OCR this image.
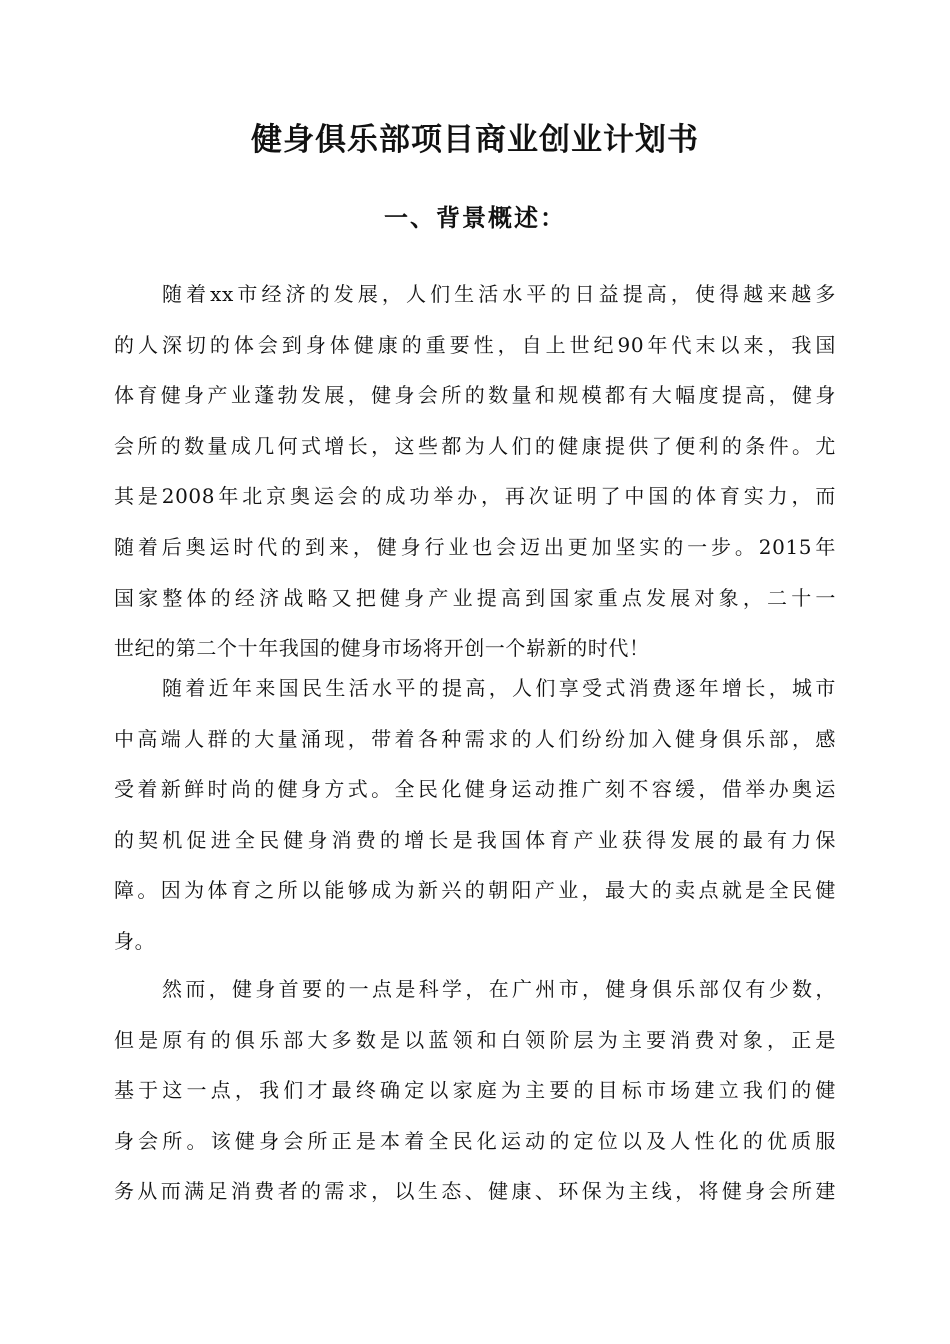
健身俱乐部项目商业创业计划书
一、背景概述：
随着xx市经济的发展，人们生活水平的日益提高，使得越来越多
的人深切的体会到身体健康的重要性，自上世纪90年代末以来，我国
体育健身产业蓬勃发展，健身会所的数量和规模都有大幅度提高，健身
会所的数量成几何式增长，这些都为人们的健康提供了便利的条件。尤
其是2008年北京奥运会的成功举办，再次证明了中国的体育实力，而
随着后奥运时代的到来，健身行业也会迈出更加坚实的一步。2015年
国家整体的经济战略又把健身产业提高到国家重点发展对象，二十一
世纪的第二个十年我国的健身市场将开创一个崭新的时代！
随着近年来国民生活水平的提高，人们享受式消费逐年增长，城市
中高端人群的大量涌现，带着各种需求的人们纷纷加入健身俱乐部，感
受着新鲜时尚的健身方式。全民化健身运动推广刻不容缓，借举办奥运
的契机促进全民健身消费的增长是我国体育产业获得发展的最有力保
障。因为体育之所以能够成为新兴的朝阳产业，最大的卖点就是全民健
身。
然而，健身首要的一点是科学，在广州市，健身俱乐部仅有少数，
但是原有的俱乐部大多数是以蓝领和白领阶层为主要消费对象，正是
基于这一点，我们才最终确定以家庭为主要的目标市场建立我们的健
身会所。该健身会所正是本着全民化运动的定位以及人性化的优质服
务从而满足消费者的需求，以生态、健康、环保为主线，将健身会所建
